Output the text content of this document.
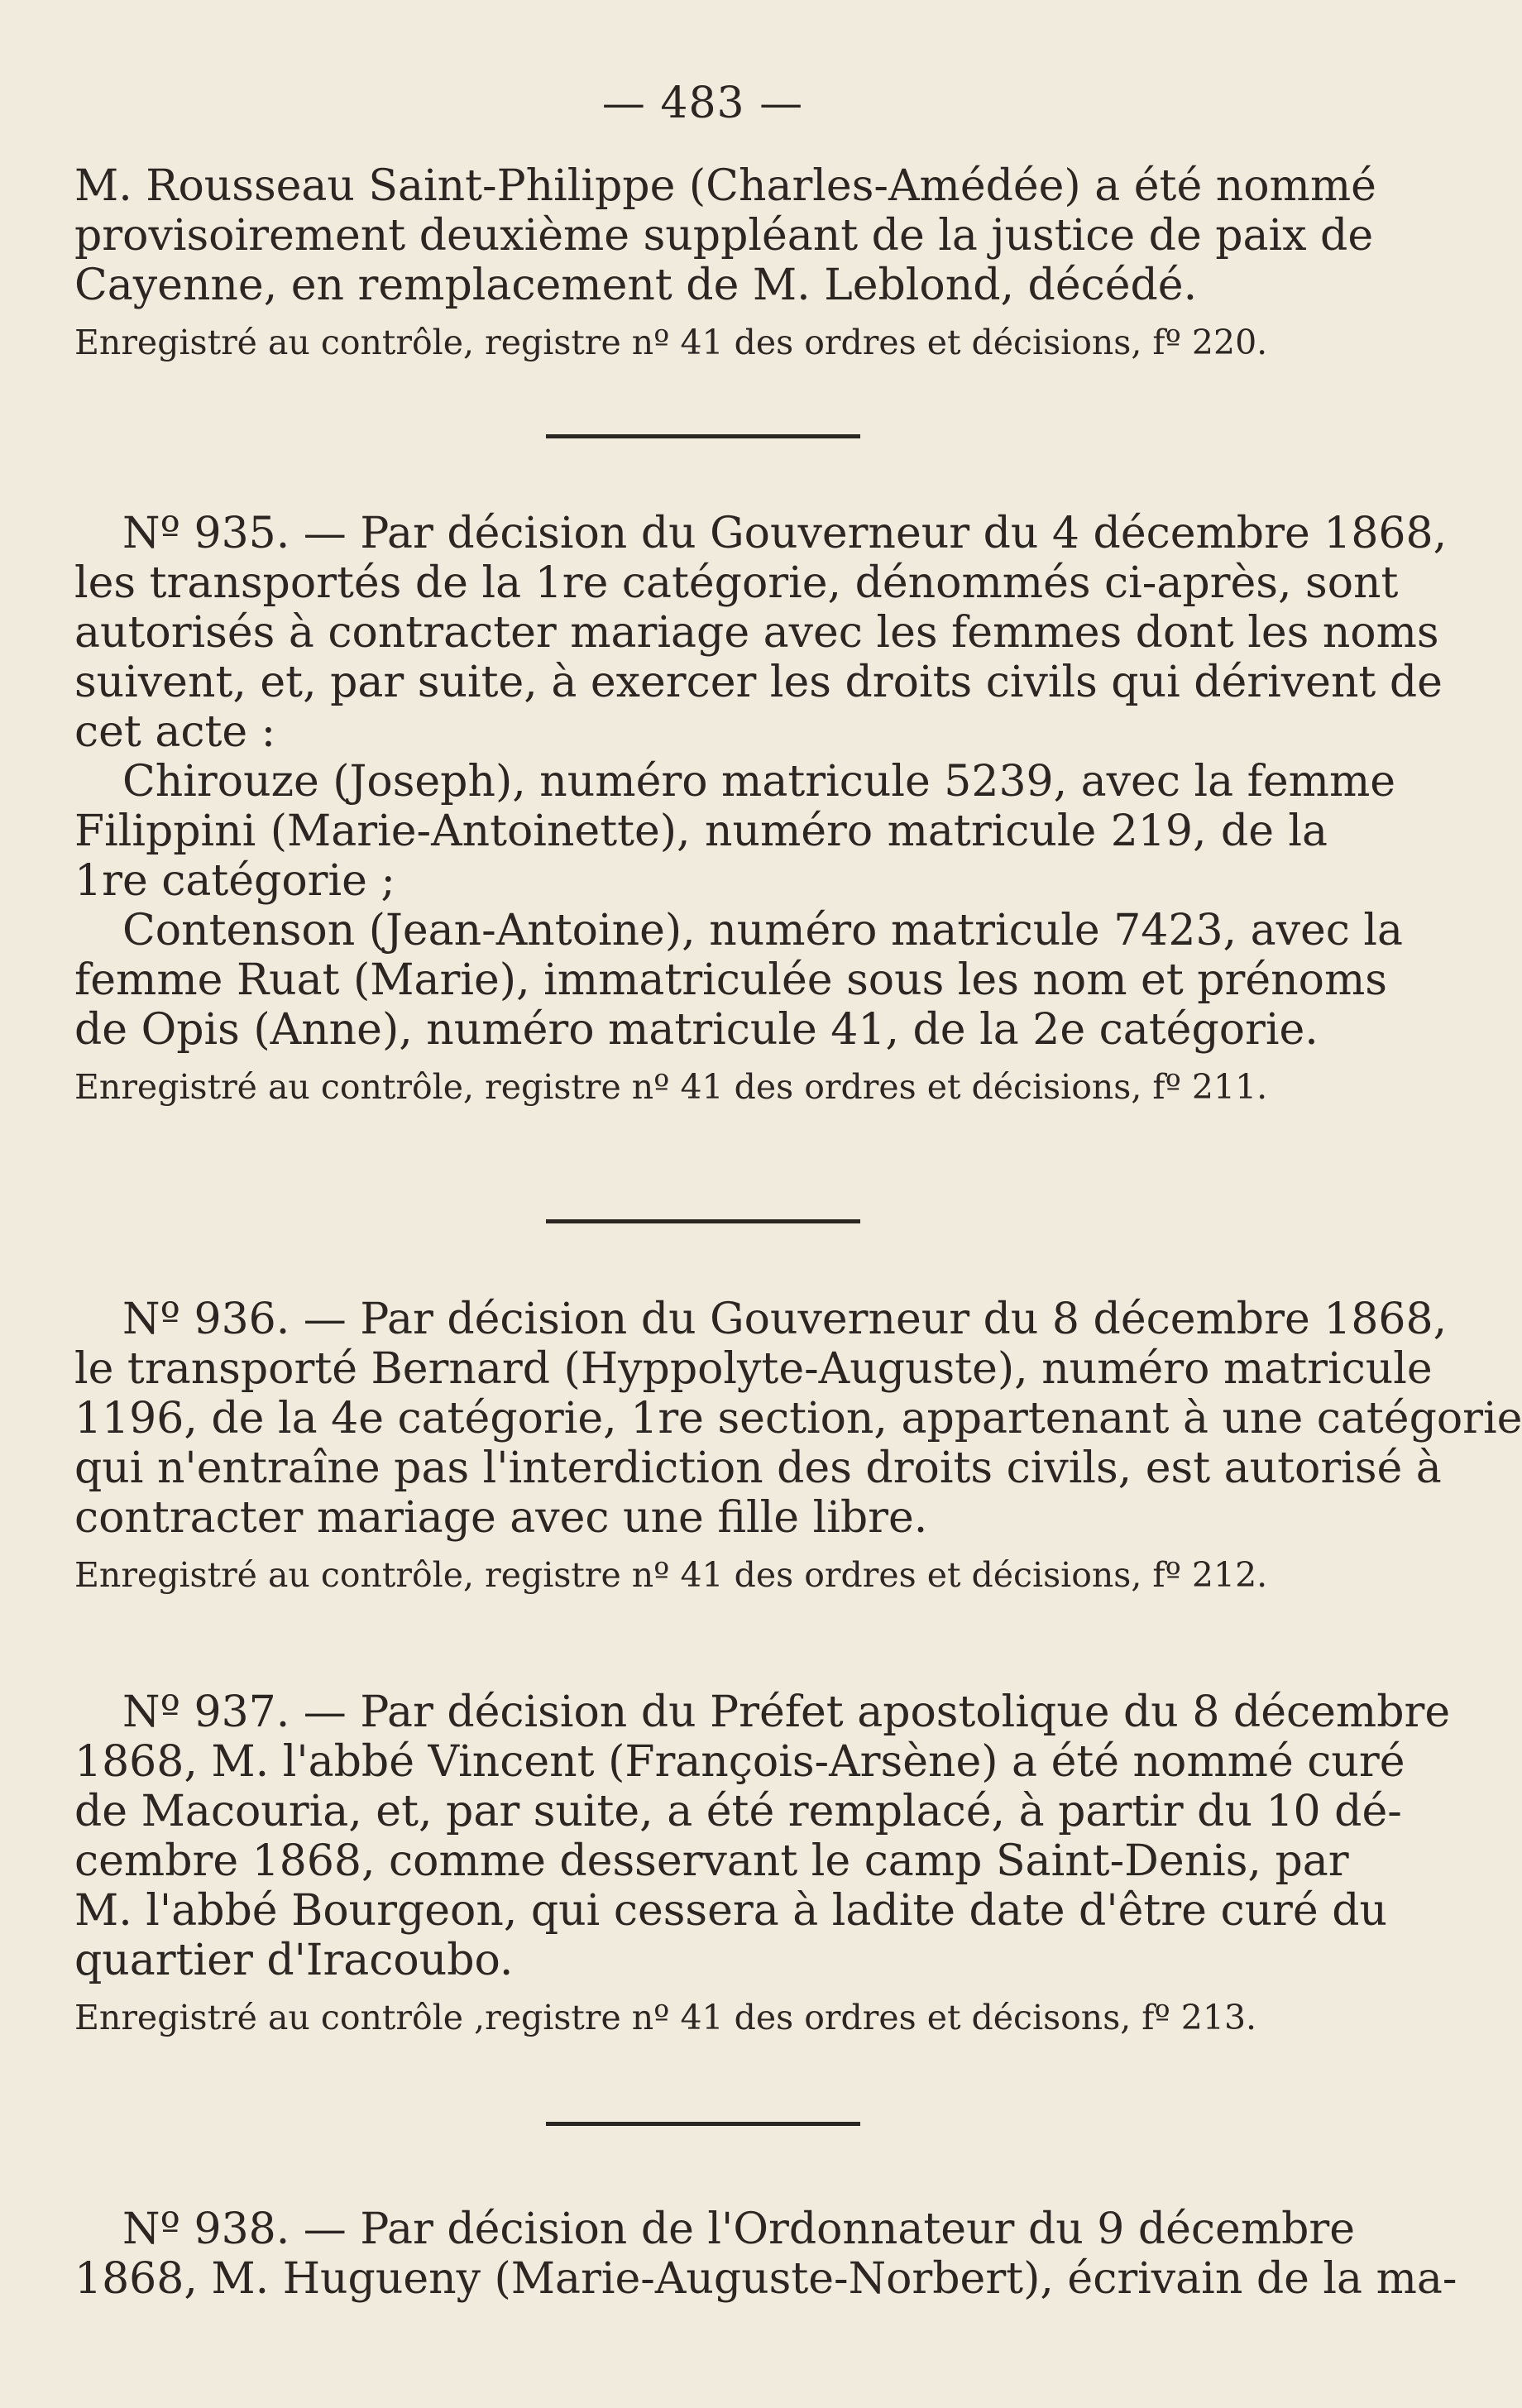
— 483 —
M. Rousseau Saint-Philippe (Charles-Amédée) a été nommé
provisoirement deuxième suppléant de la justice de paix de
Cayenne, en remplacement de M. Leblond, décédé.
Enregistré au contrôle, registre nº 41 des ordres et décisions, fº 220.
Nº 935. — Par décision du Gouverneur du 4 décembre 1868,
les transportés de la 1re catégorie, dénommés ci-après, sont
autorisés à contracter mariage avec les femmes dont les noms
suivent, et, par suite, à exercer les droits civils qui dérivent de
cet acte :
Chirouze (Joseph), numéro matricule 5239, avec la femme
Filippini (Marie-Antoinette), numéro matricule 219, de la
1re catégorie ;
Contenson (Jean-Antoine), numéro matricule 7423, avec la
femme Ruat (Marie), immatriculée sous les nom et prénoms
de Opis (Anne), numéro matricule 41, de la 2e catégorie.
Enregistré au contrôle, registre nº 41 des ordres et décisions, fº 211.
Nº 936. — Par décision du Gouverneur du 8 décembre 1868,
le transporté Bernard (Hyppolyte-Auguste), numéro matricule
1196, de la 4e catégorie, 1re section, appartenant à une catégorie
qui n'entraîne pas l'interdiction des droits civils, est autorisé à
contracter mariage avec une fille libre.
Enregistré au contrôle, registre nº 41 des ordres et décisions, fº 212.
Nº 937. — Par décision du Préfet apostolique du 8 décembre
1868, M. l'abbé Vincent (François-Arsène) a été nommé curé
de Macouria, et, par suite, a été remplacé, à partir du 10 dé-
cembre 1868, comme desservant le camp Saint-Denis, par
M. l'abbé Bourgeon, qui cessera à ladite date d'être curé du
quartier d'Iracoubo.
Enregistré au contrôle ,registre nº 41 des ordres et décisons, fº 213.
Nº 938. — Par décision de l'Ordonnateur du 9 décembre
1868, M. Hugueny (Marie-Auguste-Norbert), écrivain de la ma-
